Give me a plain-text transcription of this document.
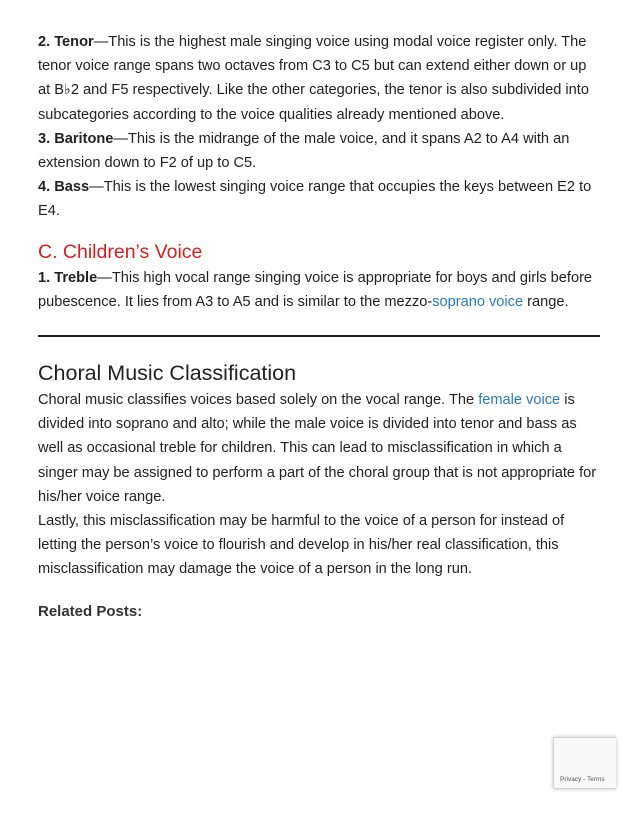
2. Tenor—This is the highest male singing voice using modal voice register only. The tenor voice range spans two octaves from C3 to C5 but can extend either down or up at B♭2 and F5 respectively. Like the other categories, the tenor is also subdivided into subcategories according to the voice qualities already mentioned above.

3. Baritone—This is the midrange of the male voice, and it spans A2 to A4 with an extension down to F2 of up to C5.

4. Bass—This is the lowest singing voice range that occupies the keys between E2 to E4.

C. Children’s Voice

1. Treble—This high vocal range singing voice is appropriate for boys and girls before pubescence. It lies from A3 to A5 and is similar to the mezzo-soprano voice range.

Choral Music Classification

Choral music classifies voices based solely on the vocal range. The female voice is divided into soprano and alto; while the male voice is divided into tenor and bass as well as occasional treble for children. This can lead to misclassification in which a singer may be assigned to perform a part of the choral group that is not appropriate for his/her voice range.

Lastly, this misclassification may be harmful to the voice of a person for instead of letting the person’s voice to flourish and develop in his/her real classification, this misclassification may damage the voice of a person in the long run.

Related Posts:
Privacy - Terms
